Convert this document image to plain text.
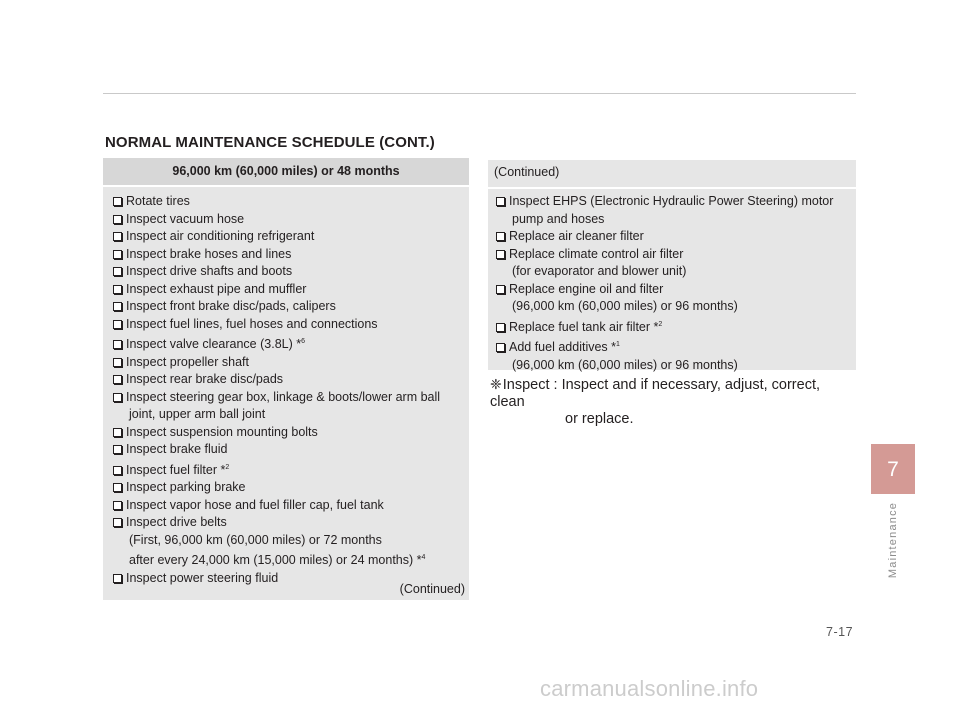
NORMAL MAINTENANCE SCHEDULE (CONT.)
96,000 km (60,000 miles) or 48 months
Rotate tires
Inspect vacuum hose
Inspect air conditioning refrigerant
Inspect brake hoses and lines
Inspect drive shafts and boots
Inspect exhaust pipe and muffler
Inspect front brake disc/pads, calipers
Inspect fuel lines, fuel hoses and connections
Inspect valve clearance (3.8L) *$^6$
Inspect propeller shaft
Inspect rear brake disc/pads
Inspect steering gear box, linkage & boots/lower arm ball
joint, upper arm ball joint
Inspect suspension mounting bolts
Inspect brake fluid
Inspect fuel filter *$^2$
Inspect parking brake
Inspect vapor hose and fuel filler cap, fuel tank
Inspect drive belts
(First, 96,000 km (60,000 miles) or 72 months
after every 24,000 km (15,000 miles) or 24 months) *$^4$
Inspect power steering fluid
(Continued)
(Continued)
Inspect EHPS (Electronic Hydraulic Power Steering) motor
pump and hoses
Replace air cleaner filter
Replace climate control air filter
(for evaporator and blower unit)
Replace engine oil and filter
(96,000 km (60,000 miles) or 96 months)
Replace fuel tank air filter *$^2$
Add fuel additives *$^1$
(96,000 km (60,000 miles) or 96 months)
❈Inspect : Inspect and if necessary, adjust, correct, clean
or replace.
7
Maintenance
7-17
carmanualsonline.info
